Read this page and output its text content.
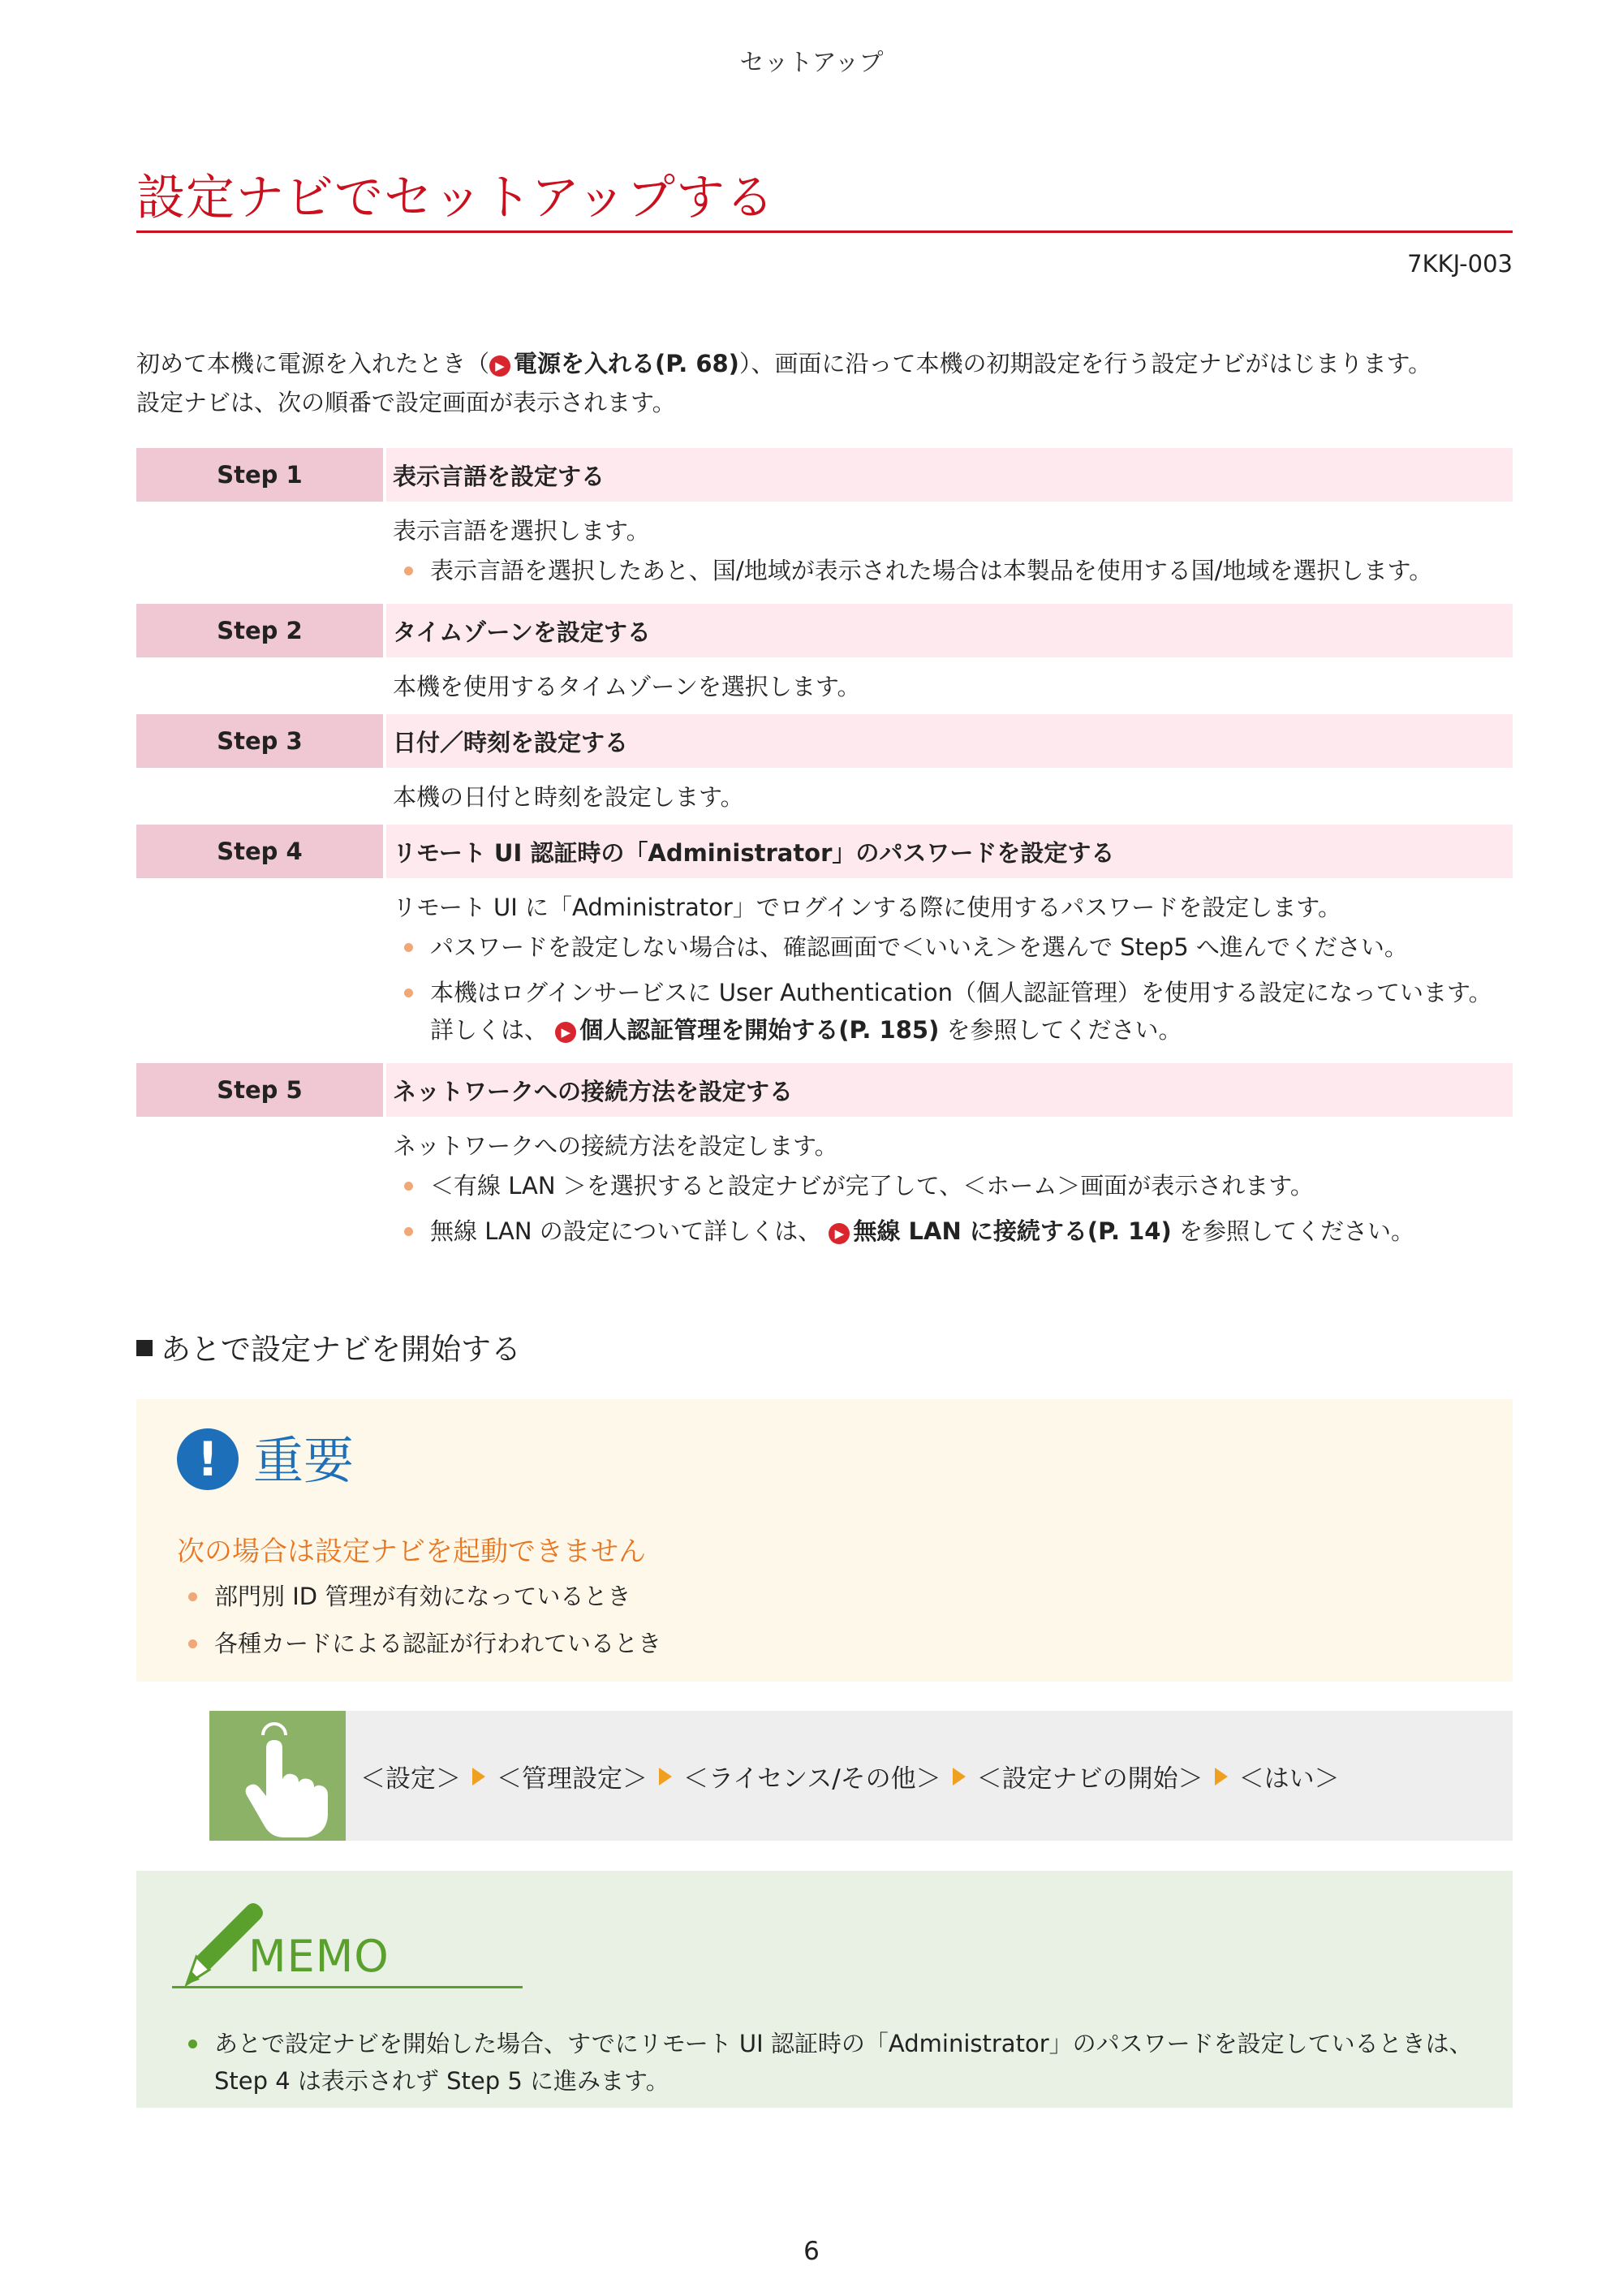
セットアップ
設定ナビでセットアップする
7KKJ-003
初めて本機に電源を入れたとき（ ▶ 電源を入れる(P. 68)）、画面に沿って本機の初期設定を行う設定ナビがはじまります。
設定ナビは、次の順番で設定画面が表示されます。
Step 1	表示言語を設定する
表示言語を選択します。
表示言語を選択したあと、国/地域が表示された場合は本製品を使用する国/地域を選択します。
Step 2	タイムゾーンを設定する
本機を使用するタイムゾーンを選択します。
Step 3	日付／時刻を設定する
本機の日付と時刻を設定します。
Step 4	リモート UI 認証時の「Administrator」のパスワードを設定する
リモート UI に「Administrator」でログインする際に使用するパスワードを設定します。
パスワードを設定しない場合は、確認画面で＜いいえ＞を選んで Step5 へ進んでください。
本機はログインサービスに User Authentication（個人認証管理）を使用する設定になっています。詳しくは、 ▶ 個人認証管理を開始する(P. 185) を参照してください。
Step 5	ネットワークへの接続方法を設定する
ネットワークへの接続方法を設定します。
＜有線 LAN ＞を選択すると設定ナビが完了して、＜ホーム＞画面が表示されます。
無線 LAN の設定について詳しくは、 ▶ 無線 LAN に接続する(P. 14) を参照してください。
あとで設定ナビを開始する
! 重要
次の場合は設定ナビを起動できません
部門別 ID 管理が有効になっているとき
各種カードによる認証が行われているとき
＜設定＞ ＜管理設定＞ ＜ライセンス/その他＞ ＜設定ナビの開始＞ ＜はい＞
MEMO
あとで設定ナビを開始した場合、すでにリモート UI 認証時の「Administrator」のパスワードを設定しているときは、Step 4 は表示されず Step 5 に進みます。
6
